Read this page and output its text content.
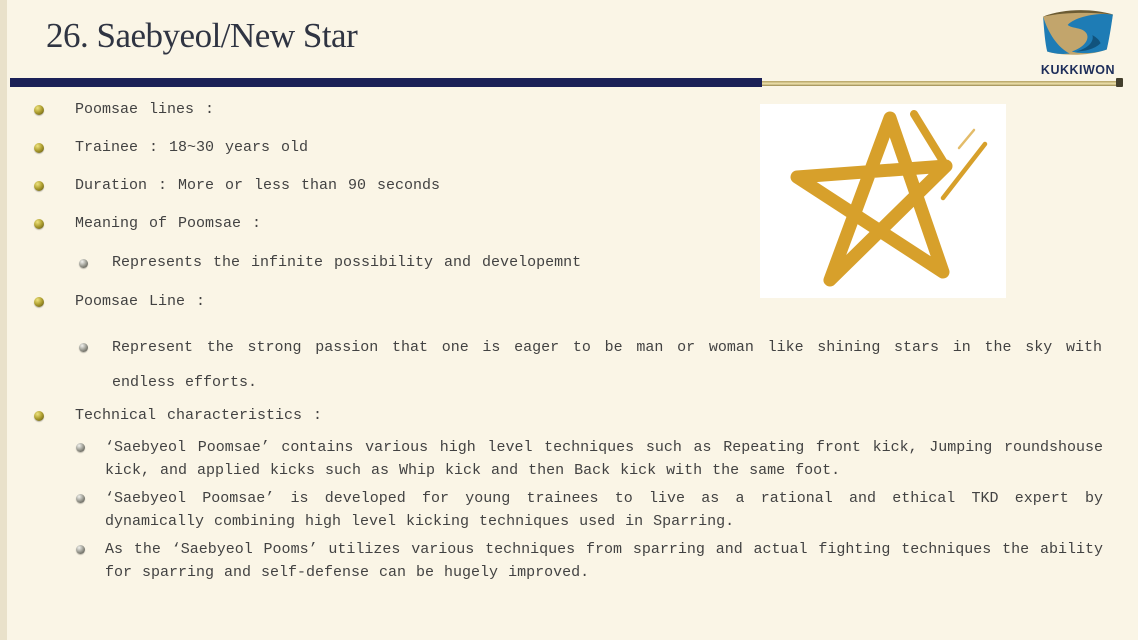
26. Saebyeol/New Star
KUKKIWON
Poomsae lines :
Trainee : 18~30 years old
Duration : More or less than 90 seconds
Meaning of Poomsae :
Represents the infinite possibility and developemnt
Poomsae Line :
Represent the strong passion that one is eager to be man or woman like shining stars in the sky with endless efforts.
Technical characteristics :
‘Saebyeol Poomsae’ contains various high level techniques such as Repeating front kick, Jumping roundshouse kick, and applied kicks such as Whip kick and then Back kick with the same foot.
‘Saebyeol Poomsae’ is developed for young trainees to live as a rational and ethical TKD expert by dynamically combining high level kicking techniques used in Sparring.
As the ‘Saebyeol Pooms’ utilizes various techniques from sparring and actual fighting techniques the ability for sparring and self-defense can be hugely improved.
